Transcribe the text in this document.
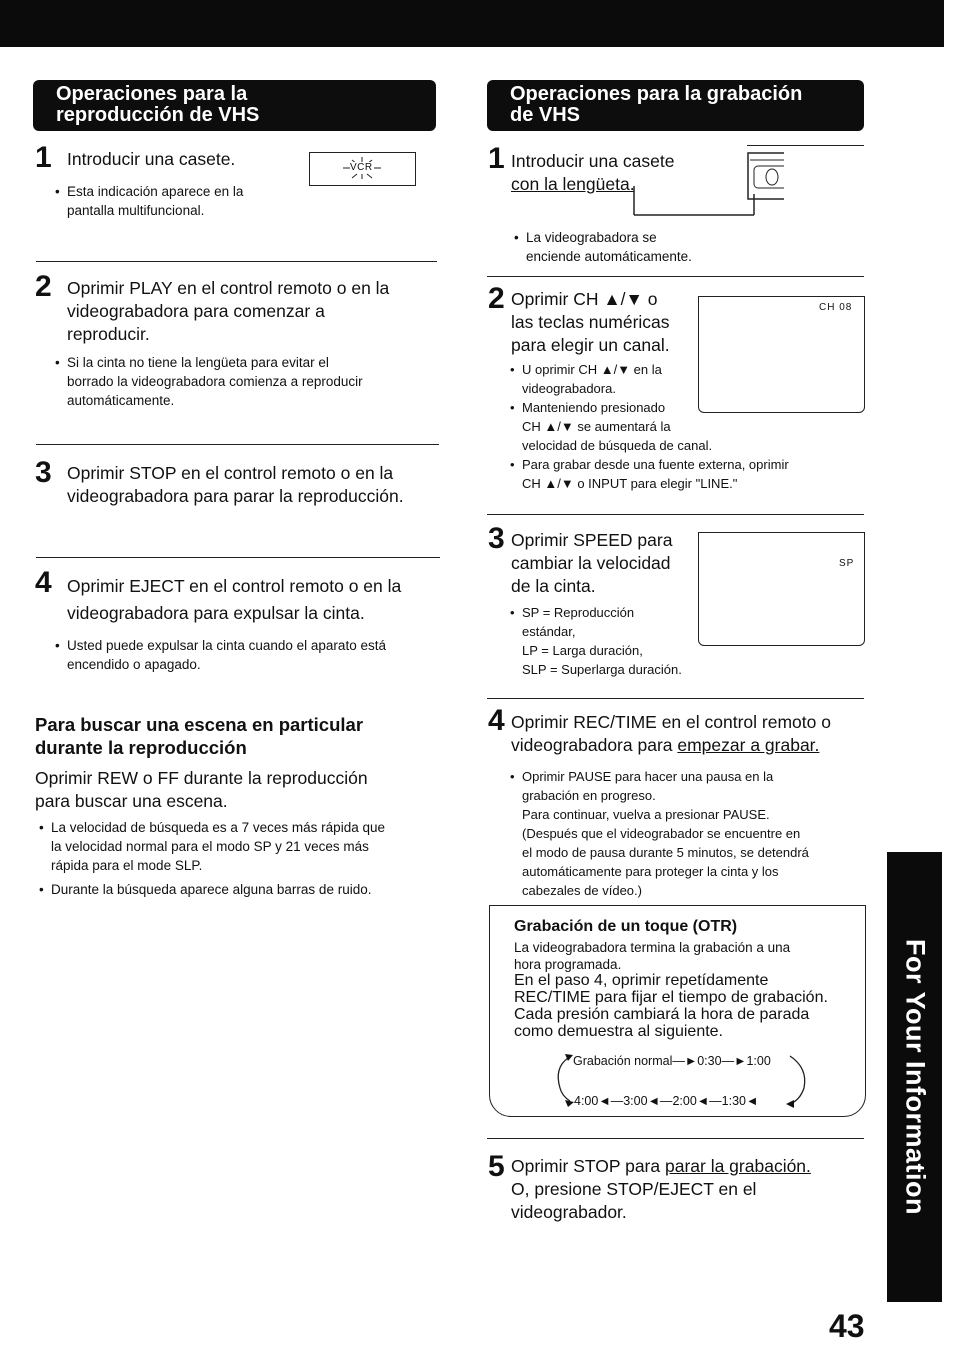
Operaciones para la
reproducción de VHS
1 Introducir una casete.	VCR
• Esta indicación aparece en la
pantalla multifuncional.
2 Oprimir PLAY en el control remoto o en la
videograbadora para comenzar a
reproducir.
• Si la cinta no tiene la lengüeta para evitar el
borrado la videograbadora comienza a reproducir
automáticamente.
3 Oprimir STOP en el control remoto o en la
videograbadora para parar la reproducción.
4 Oprimir EJECT en el control remoto o en la
videograbadora para expulsar la cinta.
• Usted puede expulsar la cinta cuando el aparato está
encendido o apagado.
Para buscar una escena en particular
durante la reproducción
Oprimir REW o FF durante la reproducción
para buscar una escena.
• La velocidad de búsqueda es a 7 veces más rápida que
la velocidad normal para el modo SP y 21 veces más
rápida para el mode SLP.
• Durante la búsqueda aparece alguna barras de ruido.
Operaciones para la grabación
de VHS
1 Introducir una casete
con la lengüeta.
• La videograbadora se
enciende automáticamente.
2 Oprimir CH ▲/▼ o
las teclas numéricas
para elegir un canal.
CH 08
• U oprimir CH ▲/▼ en la
videograbadora.
• Manteniendo presionado
CH ▲/▼ se aumentará la
velocidad de búsqueda de canal.
• Para grabar desde una fuente externa, oprimir
CH ▲/▼ o INPUT para elegir "LINE."
3 Oprimir SPEED para
cambiar la velocidad
de la cinta.
SP
• SP = Reproducción
estándar,
LP = Larga duración,
SLP = Superlarga duración.
4 Oprimir REC/TIME en el control remoto o
videograbadora para empezar a grabar.
• Oprimir PAUSE para hacer una pausa en la
grabación en progreso.
Para continuar, vuelva a presionar PAUSE.
(Después que el videograbador se encuentre en
el modo de pausa durante 5 minutos, se detendrá
automáticamente para proteger la cinta y los
cabezales de vídeo.)
Grabación de un toque (OTR)
La videograbadora termina la grabación a una
hora programada.
En el paso 4, oprimir repetídamente
REC/TIME para fijar el tiempo de grabación.
Cada presión cambiará la hora de parada
como demuestra al siguiente.
Grabación normal—►0:30—►1:00
4:00◄—3:00◄—2:00◄—1:30◄
5 Oprimir STOP para parar la grabación.
O, presione STOP/EJECT en el
videograbador.	For Your Information
43
